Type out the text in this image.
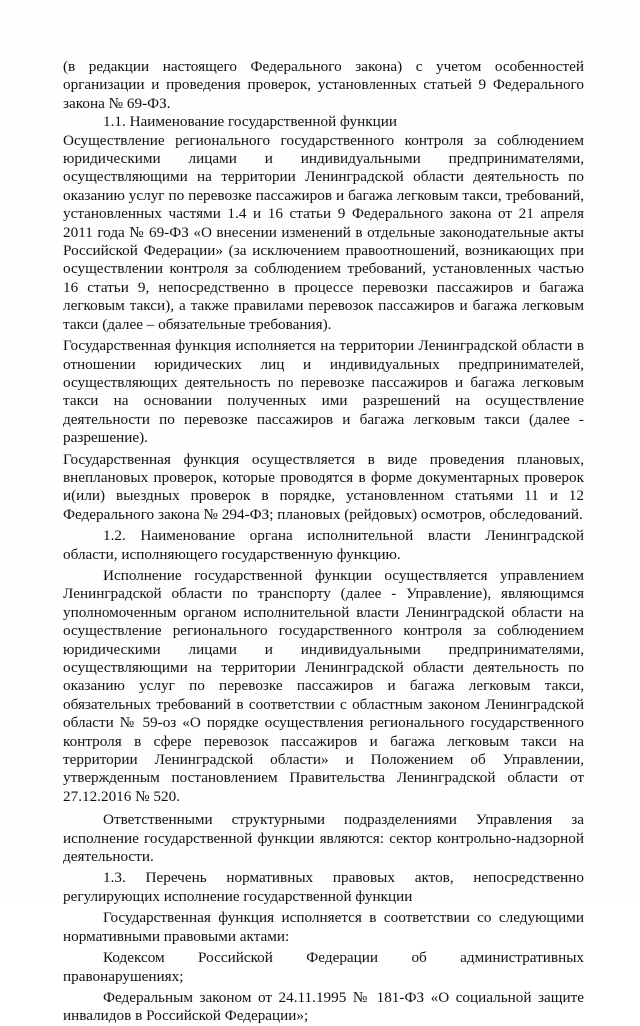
(в редакции настоящего Федерального закона) с учетом особенностей организации и проведения проверок, установленных статьей 9 Федерального закона № 69-ФЗ.

1.1. Наименование государственной функции

Осуществление регионального государственного контроля за соблюдением юридическими лицами и индивидуальными предпринимателями, осуществляющими на территории Ленинградской области деятельность по оказанию услуг по перевозке пассажиров и багажа легковым такси, требований, установленных частями 1.4 и 16 статьи 9 Федерального закона от 21 апреля 2011 года № 69-ФЗ «О внесении изменений в отдельные законодательные акты Российской Федерации» (за исключением правоотношений, возникающих при осуществлении контроля за соблюдением требований, установленных частью 16 статьи 9, непосредственно в процессе перевозки пассажиров и багажа легковым такси), а также правилами перевозок пассажиров и багажа легковым такси (далее – обязательные требования).

Государственная функция исполняется на территории Ленинградской области в отношении юридических лиц и индивидуальных предпринимателей, осуществляющих деятельность по перевозке пассажиров и багажа легковым такси на основании полученных ими разрешений на осуществление деятельности по перевозке пассажиров и багажа легковым такси (далее - разрешение).

Государственная функция осуществляется в виде проведения плановых, внеплановых проверок, которые проводятся в форме документарных проверок и(или) выездных проверок в порядке, установленном статьями 11 и 12 Федерального закона № 294-ФЗ; плановых (рейдовых) осмотров, обследований.

1.2. Наименование органа исполнительной власти Ленинградской области, исполняющего государственную функцию.

Исполнение государственной функции осуществляется управлением Ленинградской области по транспорту (далее - Управление), являющимся уполномоченным органом исполнительной власти Ленинградской области на осуществление регионального государственного контроля за соблюдением юридическими лицами и индивидуальными предпринимателями, осуществляющими на территории Ленинградской области деятельность по оказанию услуг по перевозке пассажиров и багажа легковым такси, обязательных требований в соответствии с областным законом Ленинградской области № 59-оз «О порядке осуществления регионального государственного контроля в сфере перевозок пассажиров и багажа легковым такси на территории Ленинградской области» и Положением об Управлении, утвержденным постановлением Правительства Ленинградской области от 27.12.2016 № 520.

Ответственными структурными подразделениями Управления за исполнение государственной функции являются: сектор контрольно-надзорной деятельности.

1.3. Перечень нормативных правовых актов, непосредственно регулирующих исполнение государственной функции

Государственная функция исполняется в соответствии со следующими нормативными правовыми актами:

Кодексом Российской Федерации об административных правонарушениях;

Федеральным законом от 24.11.1995 № 181-ФЗ «О социальной защите инвалидов в Российской Федерации»;
